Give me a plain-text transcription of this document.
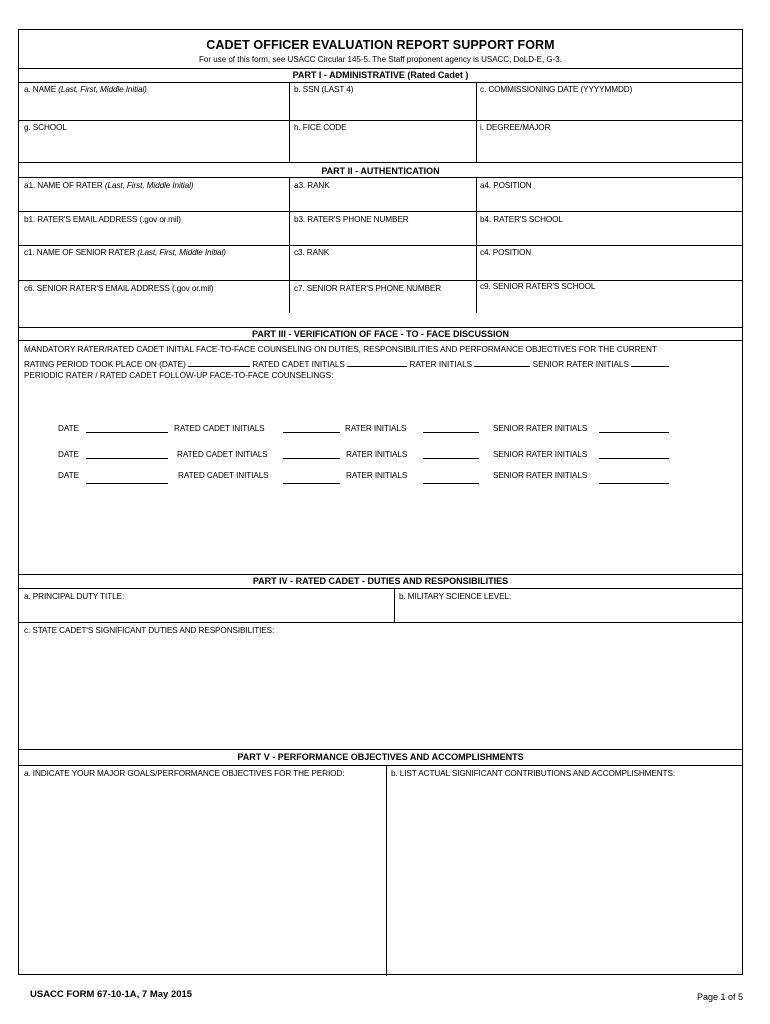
CADET OFFICER EVALUATION REPORT SUPPORT FORM
For use of this form, see USACC Circular 145-5. The Staff proponent agency is USACC, DoLD-E, G-3.
PART I - ADMINISTRATIVE (Rated Cadet )
a. NAME (Last, First, Middle Initial)	b. SSN (LAST 4)	c. COMMISSIONING DATE (YYYYMMDD)
g. SCHOOL	h. FICE CODE	i. DEGREE/MAJOR
PART II - AUTHENTICATION
a1. NAME OF RATER (Last, First, Middle Initial)	a3. RANK	a4. POSITION
b1. RATER'S EMAIL ADDRESS (.gov or.mil)	b3. RATER'S PHONE NUMBER	b4. RATER'S SCHOOL
c1. NAME OF SENIOR RATER (Last, First, Middle Initial)	c3. RANK	c4. POSITION
c6. SENIOR RATER'S EMAIL ADDRESS (.gov or.mil)	c7. SENIOR RATER'S PHONE NUMBER	c9. SENIOR RATER'S SCHOOL
PART III - VERIFICATION OF FACE - TO - FACE DISCUSSION
MANDATORY RATER/RATED CADET INITIAL FACE-TO-FACE COUNSELING ON DUTIES, RESPONSIBILITIES AND PERFORMANCE OBJECTIVES FOR THE CURRENT
RATING PERIOD TOOK PLACE ON (DATE)	RATED CADET INITIALS	RATER INITIALS	SENIOR RATER INITIALS
PERIODIC RATER / RATED CADET FOLLOW-UP FACE-TO-FACE COUNSELINGS:
DATE	RATED CADET INITIALS	RATER INITIALS	SENIOR RATER INITIALS
DATE	RATED CADET INITIALS	RATER INITIALS	SENIOR RATER INITIALS
DATE	RATED CADET INITIALS	RATER INITIALS	SENIOR RATER INITIALS
PART IV - RATED CADET - DUTIES AND RESPONSIBILITIES
a. PRINCIPAL DUTY TITLE:	b. MILITARY SCIENCE LEVEL:
c. STATE CADET'S SIGNIFICANT DUTIES AND RESPONSIBILITIES:
PART V - PERFORMANCE OBJECTIVES AND ACCOMPLISHMENTS
a. INDICATE YOUR MAJOR GOALS/PERFORMANCE OBJECTIVES FOR THE PERIOD:	b. LIST ACTUAL SIGNIFICANT CONTRIBUTIONS AND ACCOMPLISHMENTS:
USACC FORM 67-10-1A, 7 May 2015	Page 1 of 5
